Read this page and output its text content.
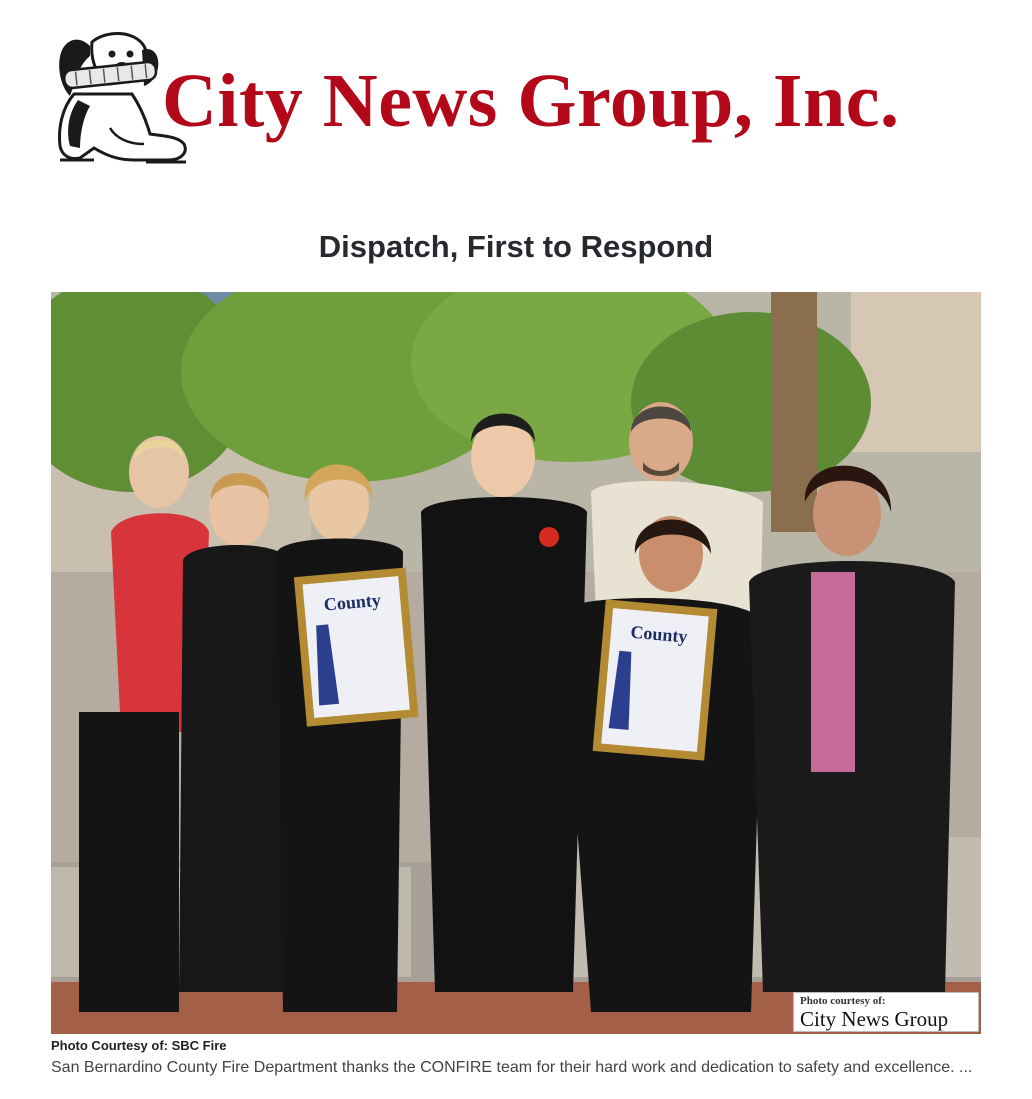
City News Group, Inc.
Dispatch, First to Respond
County
County
Photo courtesy of:
City News Group
Photo Courtesy of: SBC Fire
San Bernardino County Fire Department thanks the CONFIRE team for their hard work and dedication to safety and excellence. ...
